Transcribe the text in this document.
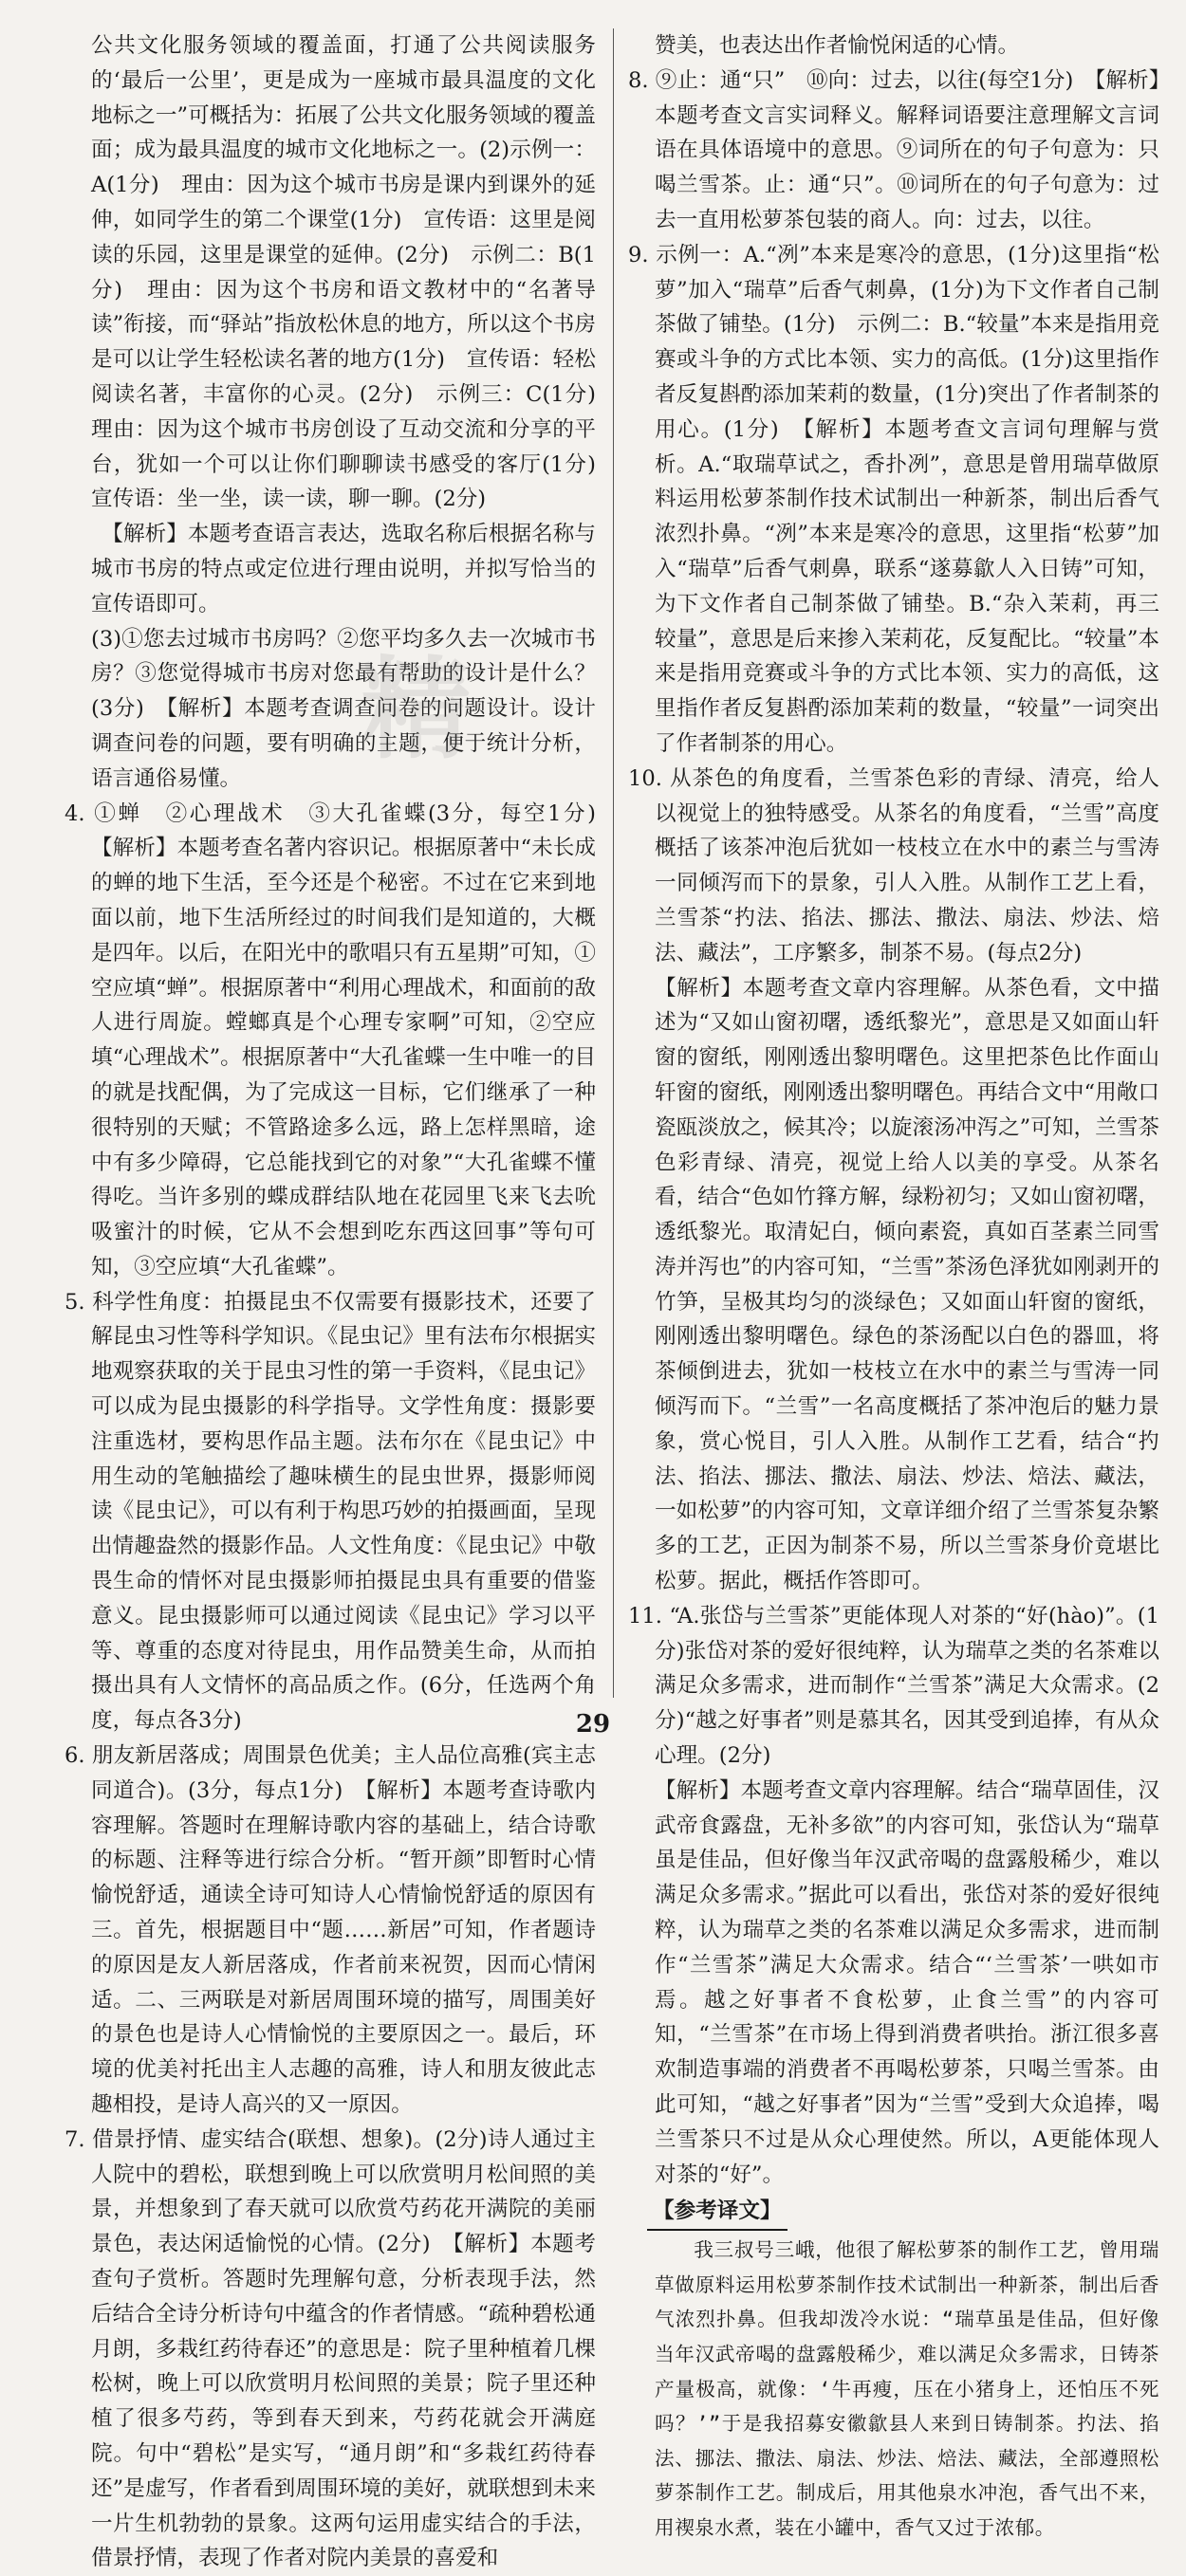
公共文化服务领域的覆盖面，打通了公共阅读服务的‘最后一公里’，更是成为一座城市最具温度的文化地标之一”可概括为：拓展了公共文化服务领域的覆盖面；成为最具温度的城市文化地标之一。(2)示例一：A(1分)　理由：因为这个城市书房是课内到课外的延伸，如同学生的第二个课堂(1分)　宣传语：这里是阅读的乐园，这里是课堂的延伸。(2分)　示例二：B(1分)　理由：因为这个书房和语文教材中的“名著导读”衔接，而“驿站”指放松休息的地方，所以这个书房是可以让学生轻松读名著的地方(1分)　宣传语：轻松阅读名著，丰富你的心灵。(2分)　示例三：C(1分)　理由：因为这个城市书房创设了互动交流和分享的平台，犹如一个可以让你们聊聊读书感受的客厅(1分)　宣传语：坐一坐，读一读，聊一聊。(2分)

【解析】本题考查语言表达，选取名称后根据名称与城市书房的特点或定位进行理由说明，并拟写恰当的宣传语即可。

(3)①您去过城市书房吗？②您平均多久去一次城市书房？③您觉得城市书房对您最有帮助的设计是什么？(3分)　【解析】本题考查调查问卷的问题设计。设计调查问卷的问题，要有明确的主题，便于统计分析，语言通俗易懂。

4. ①蝉　②心理战术　③大孔雀蝶(3分，每空1分)　【解析】本题考查名著内容识记。根据原著中“未长成的蝉的地下生活，至今还是个秘密。不过在它来到地面以前，地下生活所经过的时间我们是知道的，大概是四年。以后，在阳光中的歌唱只有五星期”可知，①空应填“蝉”。根据原著中“利用心理战术，和面前的敌人进行周旋。螳螂真是个心理专家啊”可知，②空应填“心理战术”。根据原著中“大孔雀蝶一生中唯一的目的就是找配偶，为了完成这一目标，它们继承了一种很特别的天赋；不管路途多么远，路上怎样黑暗，途中有多少障碍，它总能找到它的对象”“大孔雀蝶不懂得吃。当许多别的蝶成群结队地在花园里飞来飞去吮吸蜜汁的时候，它从不会想到吃东西这回事”等句可知，③空应填“大孔雀蝶”。

5. 科学性角度：拍摄昆虫不仅需要有摄影技术，还要了解昆虫习性等科学知识。《昆虫记》里有法布尔根据实地观察获取的关于昆虫习性的第一手资料，《昆虫记》可以成为昆虫摄影的科学指导。文学性角度：摄影要注重选材，要构思作品主题。法布尔在《昆虫记》中用生动的笔触描绘了趣味横生的昆虫世界，摄影师阅读《昆虫记》，可以有利于构思巧妙的拍摄画面，呈现出情趣盎然的摄影作品。人文性角度：《昆虫记》中敬畏生命的情怀对昆虫摄影师拍摄昆虫具有重要的借鉴意义。昆虫摄影师可以通过阅读《昆虫记》学习以平等、尊重的态度对待昆虫，用作品赞美生命，从而拍摄出具有人文情怀的高品质之作。(6分，任选两个角度，每点各3分)

6. 朋友新居落成；周围景色优美；主人品位高雅(宾主志同道合)。(3分，每点1分)　【解析】本题考查诗歌内容理解。答题时在理解诗歌内容的基础上，结合诗歌的标题、注释等进行综合分析。“暂开颜”即暂时心情愉悦舒适，通读全诗可知诗人心情愉悦舒适的原因有三。首先，根据题目中“题……新居”可知，作者题诗的原因是友人新居落成，作者前来祝贺，因而心情闲适。二、三两联是对新居周围环境的描写，周围美好的景色也是诗人心情愉悦的主要原因之一。最后，环境的优美衬托出主人志趣的高雅，诗人和朋友彼此志趣相投，是诗人高兴的又一原因。

7. 借景抒情、虚实结合(联想、想象)。(2分)诗人通过主人院中的碧松，联想到晚上可以欣赏明月松间照的美景，并想象到了春天就可以欣赏芍药花开满院的美丽景色，表达闲适愉悦的心情。(2分)　【解析】本题考查句子赏析。答题时先理解句意，分析表现手法，然后结合全诗分析诗句中蕴含的作者情感。“疏种碧松通月朗，多栽红药待春还”的意思是：院子里种植着几棵松树，晚上可以欣赏明月松间照的美景；院子里还种植了很多芍药，等到春天到来，芍药花就会开满庭院。句中“碧松”是实写，“通月朗”和“多栽红药待春还”是虚写，作者看到周围环境的美好，就联想到未来一片生机勃勃的景象。这两句运用虚实结合的手法，借景抒情，表现了作者对院内美景的喜爱和

赞美，也表达出作者愉悦闲适的心情。

8. ⑨止：通“只”　⑩向：过去，以往(每空1分)　【解析】本题考查文言实词释义。解释词语要注意理解文言词语在具体语境中的意思。⑨词所在的句子句意为：只喝兰雪茶。止：通“只”。⑩词所在的句子句意为：过去一直用松萝茶包装的商人。向：过去，以往。

9. 示例一：A.“冽”本来是寒冷的意思，(1分)这里指“松萝”加入“瑞草”后香气刺鼻，(1分)为下文作者自己制茶做了铺垫。(1分)　示例二：B.“较量”本来是指用竞赛或斗争的方式比本领、实力的高低。(1分)这里指作者反复斟酌添加茉莉的数量，(1分)突出了作者制茶的用心。(1分)　【解析】本题考查文言词句理解与赏析。A.“取瑞草试之，香扑冽”，意思是曾用瑞草做原料运用松萝茶制作技术试制出一种新茶，制出后香气浓烈扑鼻。“冽”本来是寒冷的意思，这里指“松萝”加入“瑞草”后香气刺鼻，联系“遂募歙人入日铸”可知，为下文作者自己制茶做了铺垫。B.“杂入茉莉，再三较量”，意思是后来掺入茉莉花，反复配比。“较量”本来是指用竞赛或斗争的方式比本领、实力的高低，这里指作者反复斟酌添加茉莉的数量，“较量”一词突出了作者制茶的用心。

10. 从茶色的角度看，兰雪茶色彩的青绿、清亮，给人以视觉上的独特感受。从茶名的角度看，“兰雪”高度概括了该茶冲泡后犹如一枝枝立在水中的素兰与雪涛一同倾泻而下的景象，引人入胜。从制作工艺上看，兰雪茶“扚法、掐法、挪法、撒法、扇法、炒法、焙法、藏法”，工序繁多，制茶不易。(每点2分)

【解析】本题考查文章内容理解。从茶色看，文中描述为“又如山窗初曙，透纸黎光”，意思是又如面山轩窗的窗纸，刚刚透出黎明曙色。这里把茶色比作面山轩窗的窗纸，刚刚透出黎明曙色。再结合文中“用敞口瓷瓯淡放之，候其冷；以旋滚汤冲泻之”可知，兰雪茶色彩青绿、清亮，视觉上给人以美的享受。从茶名看，结合“色如竹箨方解，绿粉初匀；又如山窗初曙，透纸黎光。取清妃白，倾向素瓷，真如百茎素兰同雪涛并泻也”的内容可知，“兰雪”茶汤色泽犹如刚剥开的竹笋，呈极其均匀的淡绿色；又如面山轩窗的窗纸，刚刚透出黎明曙色。绿色的茶汤配以白色的器皿，将茶倾倒进去，犹如一枝枝立在水中的素兰与雪涛一同倾泻而下。“兰雪”一名高度概括了茶冲泡后的魅力景象，赏心悦目，引人入胜。从制作工艺看，结合“扚法、掐法、挪法、撒法、扇法、炒法、焙法、藏法，一如松萝”的内容可知，文章详细介绍了兰雪茶复杂繁多的工艺，正因为制茶不易，所以兰雪茶身价竟堪比松萝。据此，概括作答即可。

11. “A.张岱与兰雪茶”更能体现人对茶的“好(hào)”。(1分)张岱对茶的爱好很纯粹，认为瑞草之类的名茶难以满足众多需求，进而制作“兰雪茶”满足大众需求。(2分)“越之好事者”则是慕其名，因其受到追捧，有从众心理。(2分)

【解析】本题考查文章内容理解。结合“瑞草固佳，汉武帝食露盘，无补多欲”的内容可知，张岱认为“瑞草虽是佳品，但好像当年汉武帝喝的盘露般稀少，难以满足众多需求。”据此可以看出，张岱对茶的爱好很纯粹，认为瑞草之类的名茶难以满足众多需求，进而制作“兰雪茶”满足大众需求。结合“‘兰雪茶’一哄如市焉。越之好事者不食松萝，止食兰雪”的内容可知，“兰雪茶”在市场上得到消费者哄抬。浙江很多喜欢制造事端的消费者不再喝松萝茶，只喝兰雪茶。由此可知，“越之好事者”因为“兰雪”受到大众追捧，喝兰雪茶只不过是从众心理使然。所以，A更能体现人对茶的“好”。

【参考译文】

我三叔号三峨，他很了解松萝茶的制作工艺，曾用瑞草做原料运用松萝茶制作技术试制出一种新茶，制出后香气浓烈扑鼻。但我却泼冷水说：“瑞草虽是佳品，但好像当年汉武帝喝的盘露般稀少，难以满足众多需求，日铸茶产量极高，就像：‘牛再瘦，压在小猪身上，还怕压不死吗？’”于是我招募安徽歙县人来到日铸制茶。扚法、掐法、挪法、撒法、扇法、炒法、焙法、藏法，全部遵照松萝茶制作工艺。制成后，用其他泉水冲泡，香气出不来，用禊泉水煮，装在小罐中，香气又过于浓郁。

精
29
